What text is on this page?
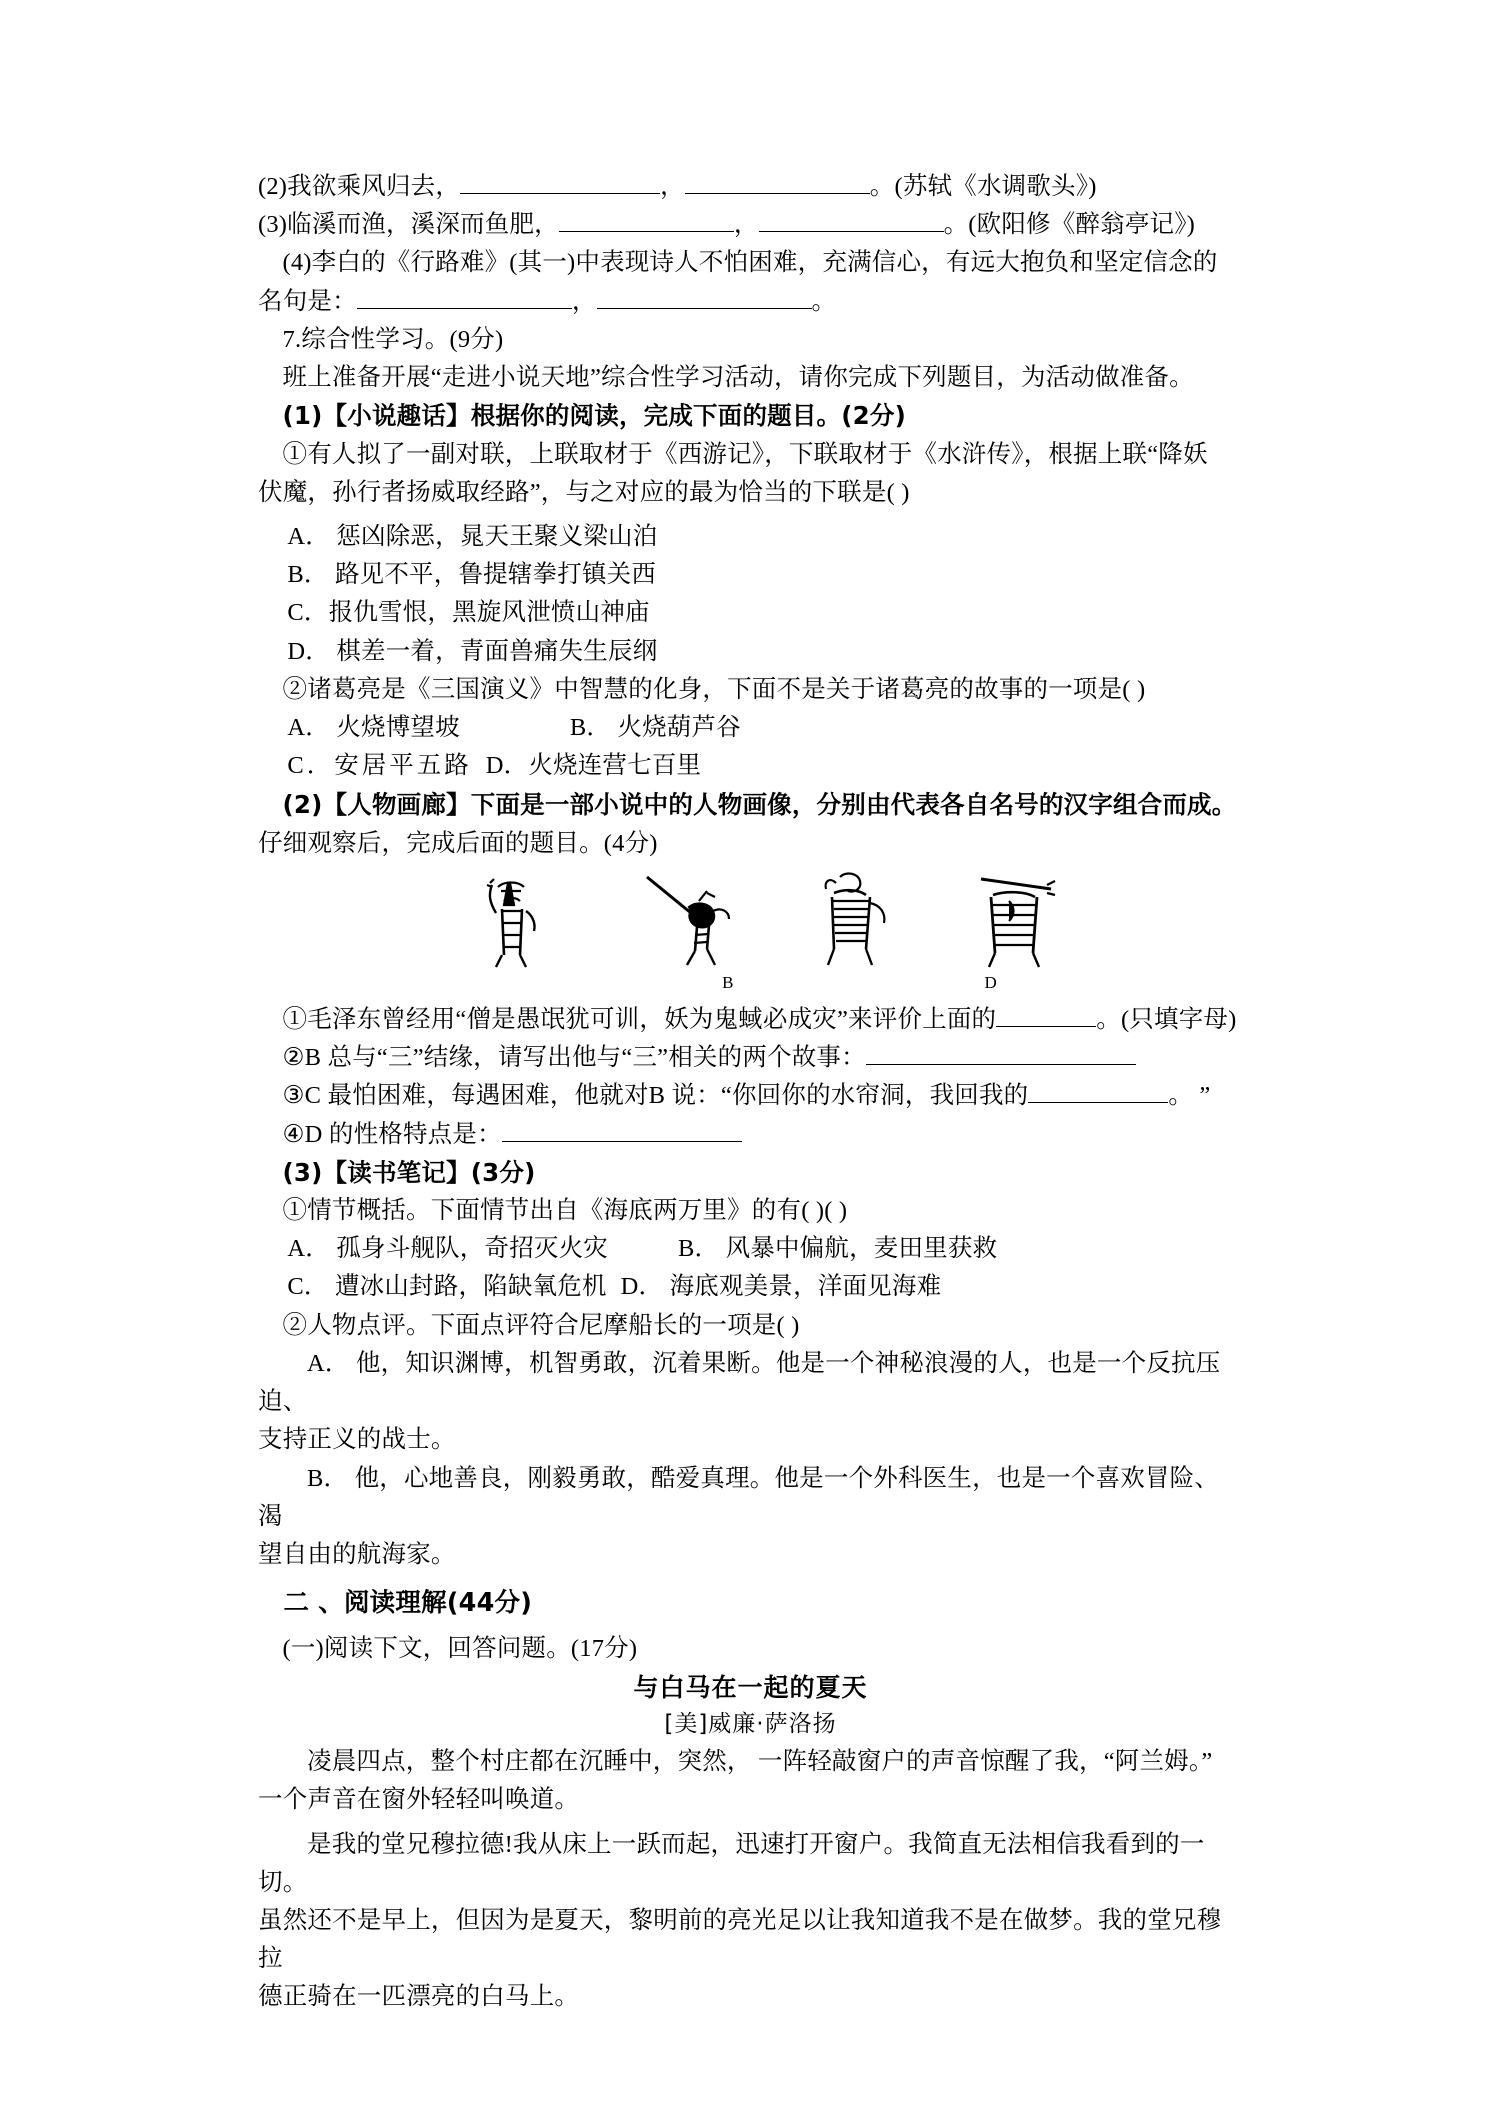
(2)我欲乘风归去，	，	。(苏轼《水调歌头》)

(3)临溪而渔，溪深而鱼肥，	，	。(欧阳修《醉翁亭记》)

(4)李白的《行路难》(其一)中表现诗人不怕困难，充满信心，有远大抱负和坚定信念的

名句是：	，	。

7.综合性学习。(9分)

班上准备开展“走进小说天地”综合性学习活动，请你完成下列题目，为活动做准备。

(1)【小说趣话】根据你的阅读，完成下面的题目。(2分)

①有人拟了一副对联，上联取材于《西游记》，下联取材于《水浒传》，根据上联“降妖

伏魔，孙行者扬威取经路”，与之对应的最为恰当的下联是( )

A． 惩凶除恶，晁天王聚义梁山泊

B． 路见不平，鲁提辖拳打镇关西

C．报仇雪恨，黑旋风泄愤山神庙

D． 棋差一着，青面兽痛失生辰纲

②诸葛亮是《三国演义》中智慧的化身，下面不是关于诸葛亮的故事的一项是( )

A． 火烧博望坡	B． 火烧葫芦谷

C．安居平五路 D．火烧连营七百里

(2)【人物画廊】下面是一部小说中的人物画像，分别由代表各自名号的汉字组合而成。

仔细观察后，完成后面的题目。(4分)

B	D

①毛泽东曾经用“僧是愚氓犹可训，妖为鬼蜮必成灾”来评价上面的	。(只填字母)

②B 总与“三”结缘，请写出他与“三”相关的两个故事：

③C 最怕困难，每遇困难，他就对B 说：“你回你的水帘洞，我回我的	。 ”

④D 的性格特点是：

(3)【读书笔记】(3分)

①情节概括。下面情节出自《海底两万里》的有( )( )

A． 孤身斗舰队，奇招灭火灾	B． 风暴中偏航，麦田里获救

C． 遭冰山封路，陷缺氧危机 D． 海底观美景，洋面见海难

②人物点评。下面点评符合尼摩船长的一项是( )

A． 他，知识渊博，机智勇敢，沉着果断。他是一个神秘浪漫的人，也是一个反抗压迫、

支持正义的战士。

B． 他，心地善良，刚毅勇敢，酷爱真理。他是一个外科医生，也是一个喜欢冒险、渴

望自由的航海家。

二 、阅读理解(44分)

(一)阅读下文，回答问题。(17分)

与白马在一起的夏天

[美]威廉·萨洛扬

凌晨四点，整个村庄都在沉睡中，突然， 一阵轻敲窗户的声音惊醒了我，“阿兰姆。”

一个声音在窗外轻轻叫唤道。

是我的堂兄穆拉德!我从床上一跃而起，迅速打开窗户。我简直无法相信我看到的一切。

虽然还不是早上，但因为是夏天，黎明前的亮光足以让我知道我不是在做梦。我的堂兄穆拉

德正骑在一匹漂亮的白马上。
